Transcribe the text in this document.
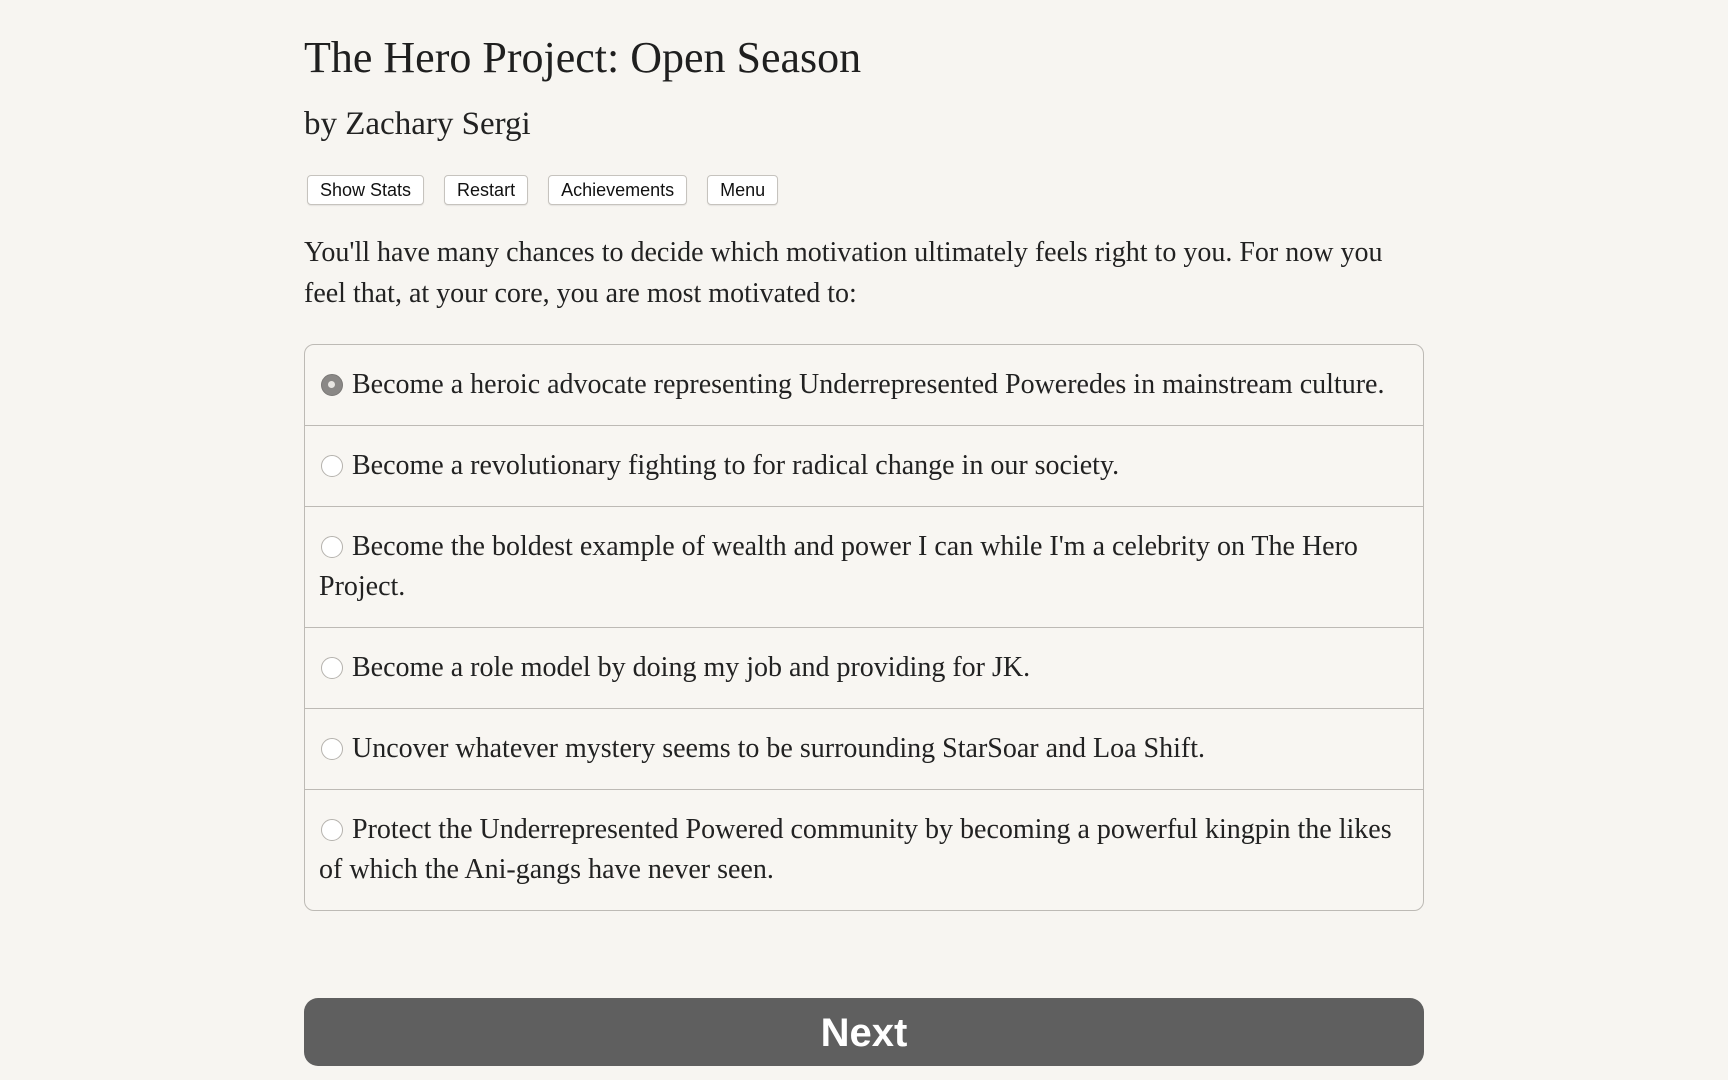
The Hero Project: Open Season
by Zachary Sergi
Show Stats	Restart	Achievements	Menu

You'll have many chances to decide which motivation ultimately feels right to you. For now you feel that, at your core, you are most motivated to:

Become a heroic advocate representing Underrepresented Poweredes in mainstream culture.
Become a revolutionary fighting to for radical change in our society.
Become the boldest example of wealth and power I can while I'm a celebrity on The Hero Project.
Become a role model by doing my job and providing for JK.
Uncover whatever mystery seems to be surrounding StarSoar and Loa Shift.
Protect the Underrepresented Powered community by becoming a powerful kingpin the likes of which the Ani-gangs have never seen.
Next
